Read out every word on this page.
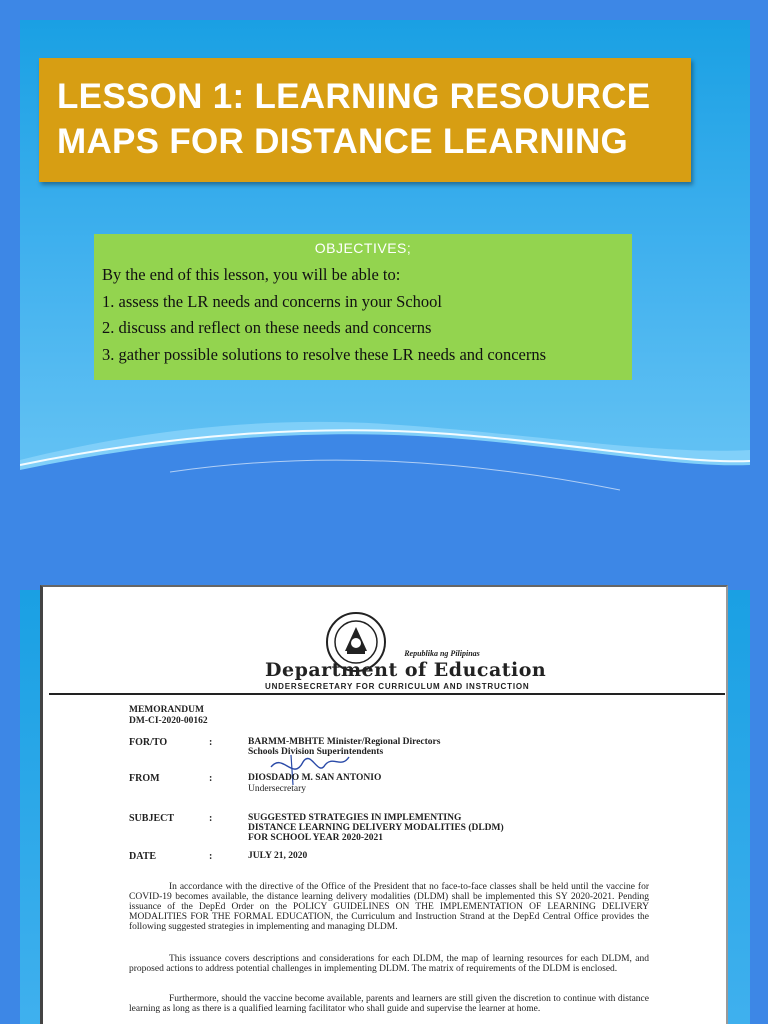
LESSON 1: LEARNING RESOURCE
MAPS FOR DISTANCE LEARNING
OBJECTIVES;
By the end of this lesson, you will be able to:
1. assess the LR needs and concerns in your School
2. discuss and reflect on these needs and concerns
3. gather possible solutions to resolve these LR needs and concerns
Republika ng Pilipinas
Department of Education
UNDERSECRETARY FOR CURRICULUM AND INSTRUCTION
MEMORANDUM
DM-CI-2020-00162
FOR/TO	:	BARMM-MBHTE Minister/Regional Directors
Schools Division Superintendents
FROM	:	DIOSDADO M. SAN ANTONIO
Undersecretary
SUBJECT	:	SUGGESTED STRATEGIES IN IMPLEMENTING
DISTANCE LEARNING DELIVERY MODALITIES (DLDM)
FOR SCHOOL YEAR 2020-2021
DATE	:	JULY 21, 2020
In accordance with the directive of the Office of the President that no face-to-face classes shall be held until the vaccine for COVID-19 becomes available, the distance learning delivery modalities (DLDM) shall be implemented this SY 2020-2021. Pending issuance of the DepEd Order on the POLICY GUIDELINES ON THE IMPLEMENTATION OF LEARNING DELIVERY MODALITIES FOR THE FORMAL EDUCATION, the Curriculum and Instruction Strand at the DepEd Central Office provides the following suggested strategies in implementing and managing DLDM.
This issuance covers descriptions and considerations for each DLDM, the map of learning resources for each DLDM, and proposed actions to address potential challenges in implementing DLDM. The matrix of requirements of the DLDM is enclosed.
Furthermore, should the vaccine become available, parents and learners are still given the discretion to continue with distance learning as long as there is a qualified learning facilitator who shall guide and supervise the learner at home.
